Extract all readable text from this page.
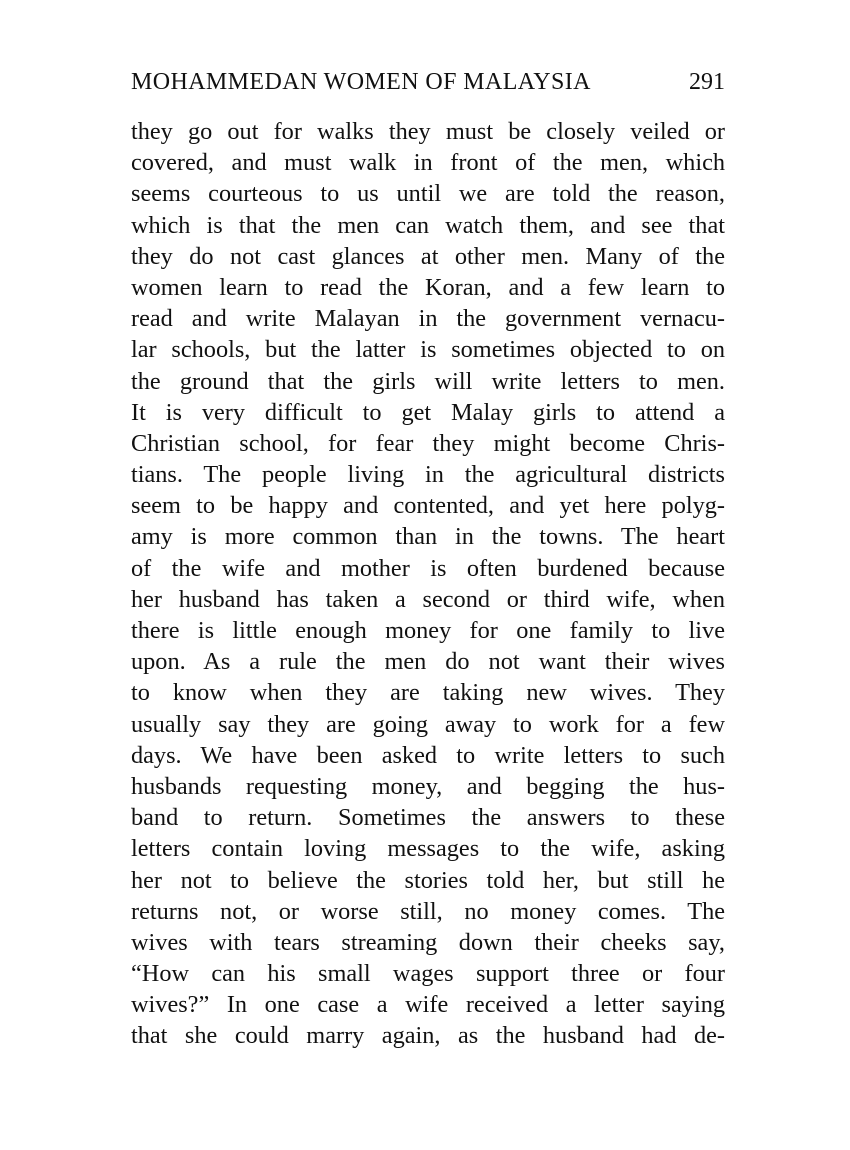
MOHAMMEDAN WOMEN OF MALAYSIA	291
they go out for walks they must be closely veiled or
covered, and must walk in front of the men, which
seems courteous to us until we are told the reason,
which is that the men can watch them, and see that
they do not cast glances at other men. Many of the
women learn to read the Koran, and a few learn to
read and write Malayan in the government vernacu-
lar schools, but the latter is sometimes objected to on
the ground that the girls will write letters to men.
It is very difficult to get Malay girls to attend a
Christian school, for fear they might become Chris-
tians. The people living in the agricultural districts
seem to be happy and contented, and yet here polyg-
amy is more common than in the towns. The heart
of the wife and mother is often burdened because
her husband has taken a second or third wife, when
there is little enough money for one family to live
upon. As a rule the men do not want their wives
to know when they are taking new wives. They
usually say they are going away to work for a few
days. We have been asked to write letters to such
husbands requesting money, and begging the hus-
band to return. Sometimes the answers to these
letters contain loving messages to the wife, asking
her not to believe the stories told her, but still he
returns not, or worse still, no money comes. The
wives with tears streaming down their cheeks say,
“How can his small wages support three or four
wives?” In one case a wife received a letter saying
that she could marry again, as the husband had de-
